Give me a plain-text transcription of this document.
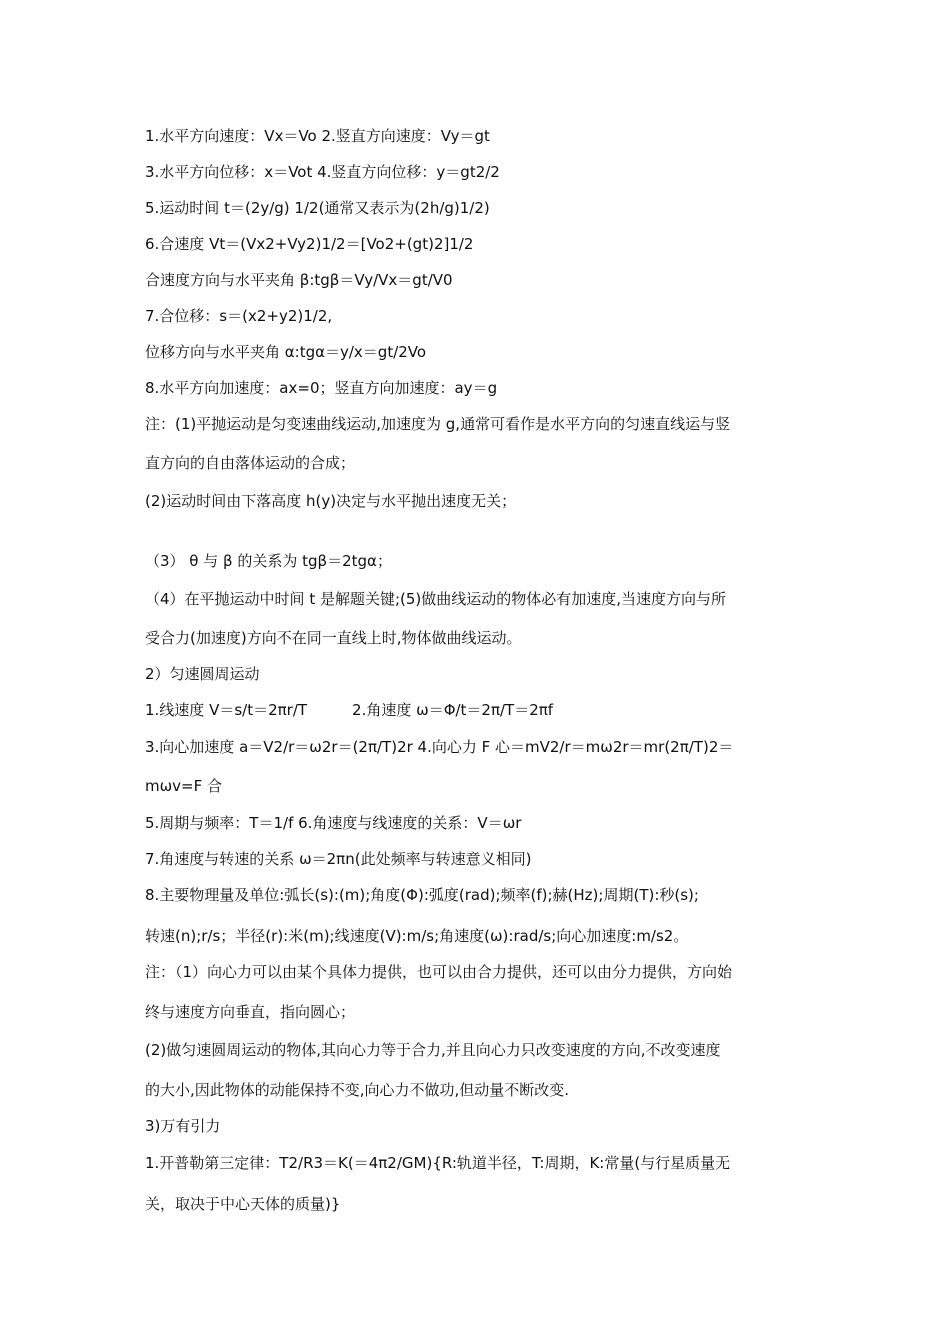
1.水平方向速度：Vx＝Vo 2.竖直方向速度：Vy＝gt
3.水平方向位移：x＝Vot 4.竖直方向位移：y＝gt2/2
5.运动时间 t＝(2y/g) 1/2(通常又表示为(2h/g)1/2)
6.合速度 Vt＝(Vx2+Vy2)1/2＝[Vo2+(gt)2]1/2
合速度方向与水平夹角 β:tgβ＝Vy/Vx＝gt/V0
7.合位移：s＝(x2+y2)1/2,
位移方向与水平夹角 α:tgα＝y/x＝gt/2Vo
8.水平方向加速度：ax=0；竖直方向加速度：ay＝g
注：(1)平抛运动是匀变速曲线运动,加速度为 g,通常可看作是水平方向的匀速直线运与竖
直方向的自由落体运动的合成；
(2)运动时间由下落高度 h(y)决定与水平抛出速度无关；
（3） θ 与 β 的关系为 tgβ＝2tgα；
（4）在平抛运动中时间 t 是解题关键;(5)做曲线运动的物体必有加速度,当速度方向与所
受合力(加速度)方向不在同一直线上时,物体做曲线运动。
2）匀速圆周运动
1.线速度 V＝s/t＝2πr/T　　　2.角速度 ω＝Φ/t＝2π/T＝2πf
3.向心加速度 a＝V2/r＝ω2r＝(2π/T)2r 4.向心力 F 心＝mV2/r＝mω2r＝mr(2π/T)2＝
mωv=F 合
5.周期与频率：T＝1/f 6.角速度与线速度的关系：V＝ωr
7.角速度与转速的关系 ω＝2πn(此处频率与转速意义相同)
8.主要物理量及单位:弧长(s):(m);角度(Φ):弧度(rad);频率(f);赫(Hz);周期(T):秒(s);
转速(n);r/s；半径(r):米(m);线速度(V):m/s;角速度(ω):rad/s;向心加速度:m/s2。
注：（1）向心力可以由某个具体力提供，也可以由合力提供，还可以由分力提供，方向始
终与速度方向垂直，指向圆心；
(2)做匀速圆周运动的物体,其向心力等于合力,并且向心力只改变速度的方向,不改变速度
的大小,因此物体的动能保持不变,向心力不做功,但动量不断改变.
3)万有引力
1.开普勒第三定律：T2/R3＝K(＝4π2/GM){R:轨道半径，T:周期，K:常量(与行星质量无
关，取决于中心天体的质量)}
